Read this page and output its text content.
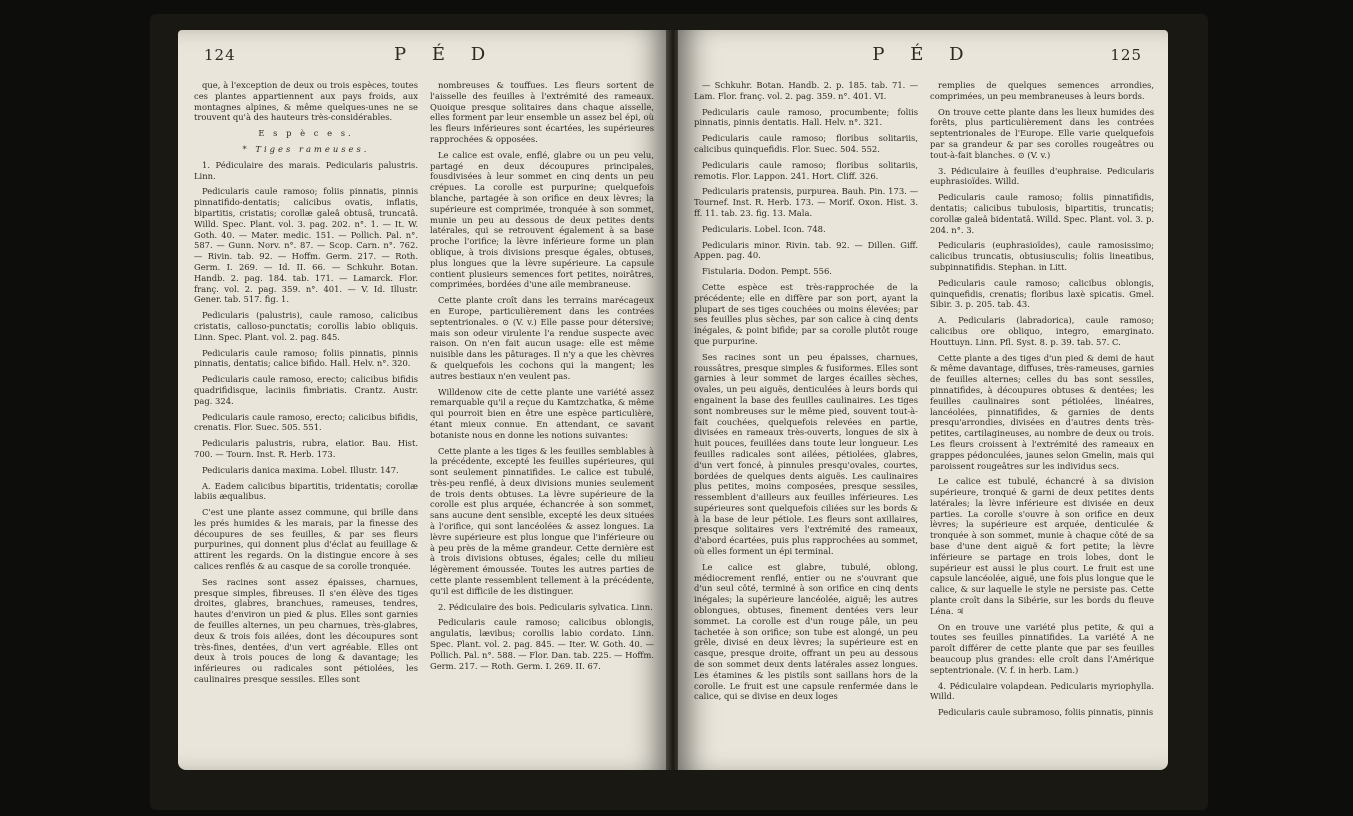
124	P É D

que, à l'exception de deux ou trois espèces, toutes ces plantes appartiennent aux pays froids, aux montagnes alpines, & même quelques-unes ne se trouvent qu'à des hauteurs très-considérables.

E s p è c e s.

* Tiges rameuses.

1. Pédiculaire des marais. Pedicularis palustris. Linn.

Pedicularis caule ramoso; foliis pinnatis, pinnis pinnatifido-dentatis; calicibus ovatis, inflatis, bipartitis, cristatis; corollæ galeâ obtusâ, truncatâ. Willd. Spec. Plant. vol. 3. pag. 202. n°. 1. — It. W. Goth. 40. — Mater. medic. 151. — Pollich. Pal. n°. 587. — Gunn. Norv. n°. 87. — Scop. Carn. n°. 762. — Rivin. tab. 92. — Hoffm. Germ. 217. — Roth. Germ. I. 269. — Id. II. 66. — Schkuhr. Botan. Handb. 2. pag. 184. tab. 171. — Lamarck. Flor. franç. vol. 2. pag. 359. n°. 401. — V. Id. Illustr. Gener. tab. 517. fig. 1.

Pedicularis (palustris), caule ramoso, calicibus cristatis, calloso-punctatis; corollis labio obliquis. Linn. Spec. Plant. vol. 2. pag. 845.

Pedicularis caule ramoso; foliis pinnatis, pinnis pinnatis, dentatis; calice bifido. Hall. Helv. n°. 320.

Pedicularis caule ramoso, erecto; calicibus bifidis quadrifidisque, laciniis fimbriatis. Crantz. Austr. pag. 324.

Pedicularis caule ramoso, erecto; calicibus bifidis, crenatis. Flor. Suec. 505. 551.

Pedicularis palustris, rubra, elatior. Bau. Hist. 700. — Tourn. Inst. R. Herb. 173.

Pedicularis danica maxima. Lobel. Illustr. 147.

A. Eadem calicibus bipartitis, tridentatis; corollæ labiis æqualibus.

C'est une plante assez commune, qui brille dans les prés humides & les marais, par la finesse des découpures de ses feuilles, & par ses fleurs purpurines, qui donnent plus d'éclat au feuillage & attirent les regards. On la distingue encore à ses calices renflés & au casque de sa corolle tronquée.

Ses racines sont assez épaisses, charnues, presque simples, fibreuses. Il s'en élève des tiges droites, glabres, branchues, rameuses, tendres, hautes d'environ un pied & plus. Elles sont garnies de feuilles alternes, un peu charnues, très-glabres, deux & trois fois ailées, dont les découpures sont très-fines, dentées, d'un vert agréable. Elles ont deux à trois pouces de long & davantage; les inférieures ou radicales sont pétiolées, les caulinaires presque sessiles. Elles sont

nombreuses & touffues. Les fleurs sortent de l'aisselle des feuilles à l'extrémité des rameaux. Quoique presque solitaires dans chaque aisselle, elles forment par leur ensemble un assez bel épi, où les fleurs inférieures sont écartées, les supérieures rapprochées & opposées.

Le calice est ovale, enflé, glabre ou un peu velu, partagé en deux découpures principales, fousdivisées à leur sommet en cinq dents un peu crépues. La corolle est purpurine; quelquefois blanche, partagée à son orifice en deux lèvres; la supérieure est comprimée, tronquée à son sommet, munie un peu au dessous de deux petites dents latérales, qui se retrouvent également à sa base proche l'orifice; la lèvre inférieure forme un plan oblique, à trois divisions presque égales, obtuses, plus longues que la lèvre supérieure. La capsule contient plusieurs semences fort petites, noirâtres, comprimées, bordées d'une aile membraneuse.

Cette plante croît dans les terrains marécageux en Europe, particulièrement dans les contrées septentrionales. ⊙ (V. v.) Elle passe pour détersive; mais son odeur virulente l'a rendue suspecte avec raison. On n'en fait aucun usage: elle est même nuisible dans les pâturages. Il n'y a que les chèvres & quelquefois les cochons qui la mangent; les autres bestiaux n'en veulent pas.

Willdenow cite de cette plante une variété assez remarquable qu'il a reçue du Kamtzchatka, & même qui pourroit bien en être une espèce particulière, étant mieux connue. En attendant, ce savant botaniste nous en donne les notions suivantes:

Cette plante a les tiges & les feuilles semblables à la précédente, excepté les feuilles supérieures, qui sont seulement pinnatifides. Le calice est tubulé, très-peu renflé, à deux divisions munies seulement de trois dents obtuses. La lèvre supérieure de la corolle est plus arquée, échancrée à son sommet, sans aucune dent sensible, excepté les deux situées à l'orifice, qui sont lancéolées & assez longues. La lèvre supérieure est plus longue que l'inférieure ou à peu près de la même grandeur. Cette dernière est à trois divisions obtuses, égales; celle du milieu légèrement émoussée. Toutes les autres parties de cette plante ressemblent tellement à la précédente, qu'il est difficile de les distinguer.

2. Pédiculaire des bois. Pedicularis sylvatica. Linn.

Pedicularis caule ramoso; calicibus oblongis, angulatis, lævibus; corollis labio cordato. Linn. Spec. Plant. vol. 2. pag. 845. — Iter. W. Goth. 40. — Pollich. Pal. n°. 588. — Flor. Dan. tab. 225. — Hoffm. Germ. 217. — Roth. Germ. I. 269. II. 67.

P É D	125

— Schkuhr. Botan. Handb. 2. p. 185. tab. 71. — Lam. Flor. franç. vol. 2. pag. 359. n°. 401. VI.

Pedicularis caule ramoso, procumbente; foliis pinnatis, pinnis dentatis. Hall. Helv. n°. 321.

Pedicularis caule ramoso; floribus solitariis, calicibus quinquefidis. Flor. Suec. 504. 552.

Pedicularis caule ramoso; floribus solitariis, remotis. Flor. Lappon. 241. Hort. Cliff. 326.

Pedicularis pratensis, purpurea. Bauh. Pin. 173. — Tournef. Inst. R. Herb. 173. — Morif. Oxon. Hist. 3. ff. 11. tab. 23. fig. 13. Mala.

Pedicularis. Lobel. Icon. 748.

Pedicularis minor. Rivin. tab. 92. — Dillen. Giff. Appen. pag. 40.

Fistularia. Dodon. Pempt. 556.

Cette espèce est très-rapprochée de la précédente; elle en diffère par son port, ayant la plupart de ses tiges couchées ou moins élevées; par ses feuilles plus sèches, par son calice à cinq dents inégales, & point bifide; par sa corolle plutôt rouge que purpurine.

Ses racines sont un peu épaisses, charnues, roussâtres, presque simples & fusiformes. Elles sont garnies à leur sommet de larges écailles sèches, ovales, un peu aiguës, denticulées à leurs bords qui engainent la base des feuilles caulinaires. Les tiges sont nombreuses sur le même pied, souvent tout-à-fait couchées, quelquefois relevées en partie, divisées en rameaux très-ouverts, longues de six à huit pouces, feuillées dans toute leur longueur. Les feuilles radicales sont ailées, pétiolées, glabres, d'un vert foncé, à pinnules presqu'ovales, courtes, bordées de quelques dents aiguës. Les caulinaires plus petites, moins composées, presque sessiles, ressemblent d'ailleurs aux feuilles inférieures. Les supérieures sont quelquefois ciliées sur les bords & à la base de leur pétiole. Les fleurs sont axillaires, presque solitaires vers l'extrémité des rameaux, d'abord écartées, puis plus rapprochées au sommet, où elles forment un épi terminal.

Le calice est glabre, tubulé, oblong, médiocrement renflé, entier ou ne s'ouvrant que d'un seul côté, terminé à son orifice en cinq dents inégales; la supérieure lancéolée, aiguë; les autres oblongues, obtuses, finement dentées vers leur sommet. La corolle est d'un rouge pâle, un peu tachetée à son orifice; son tube est alongé, un peu grêle, divisé en deux lèvres; la supérieure est en casque, presque droite, offrant un peu au dessous de son sommet deux dents latérales assez longues. Les étamines & les pistils sont saillans hors de la corolle. Le fruit est une capsule renfermée dans le calice, qui se divise en deux loges

remplies de quelques semences arrondies, comprimées, un peu membraneuses à leurs bords.

On trouve cette plante dans les lieux humides des forêts, plus particulièrement dans les contrées septentrionales de l'Europe. Elle varie quelquefois par sa grandeur & par ses corolles rougeâtres ou tout-à-fait blanches. ⊙ (V. v.)

3. Pédiculaire à feuilles d'euphraise. Pedicularis euphrasioïdes. Willd.

Pedicularis caule ramoso; foliis pinnatifidis, dentatis; calicibus tubulosis, bipartitis, truncatis; corollæ galeâ bidentatâ. Willd. Spec. Plant. vol. 3. p. 204. n°. 3.

Pedicularis (euphrasioïdes), caule ramosissimo; calicibus truncatis, obtusiusculis; foliis lineatibus, subpinnatifidis. Stephan. in Litt.

Pedicularis caule ramoso; calicibus oblongis, quinquefidis, crenatis; floribus laxè spicatis. Gmel. Sibir. 3. p. 205. tab. 43.

A. Pedicularis (labradorica), caule ramoso; calicibus ore obliquo, integro, emarginato. Houttuyn. Linn. Pfl. Syst. 8. p. 39. tab. 57. C.

Cette plante a des tiges d'un pied & demi de haut & même davantage, diffuses, très-rameuses, garnies de feuilles alternes; celles du bas sont sessiles, pinnatifides, à découpures obtuses & dentées; les feuilles caulinaires sont pétiolées, linéaires, lancéolées, pinnatifides, & garnies de dents presqu'arrondies, divisées en d'autres dents très-petites, cartilagineuses, au nombre de deux ou trois. Les fleurs croissent à l'extrémité des rameaux en grappes pédonculées, jaunes selon Gmelin, mais qui paroissent rougeâtres sur les individus secs.

Le calice est tubulé, échancré à sa division supérieure, tronqué & garni de deux petites dents latérales; la lèvre inférieure est divisée en deux parties. La corolle s'ouvre à son orifice en deux lèvres; la supérieure est arquée, denticulée & tronquée à son sommet, munie à chaque côté de sa base d'une dent aiguë & fort petite; la lèvre inférieure se partage en trois lobes, dont le supérieur est aussi le plus court. Le fruit est une capsule lancéolée, aiguë, une fois plus longue que le calice, & sur laquelle le style ne persiste pas. Cette plante croît dans la Sibérie, sur les bords du fleuve Léna. ♃

On en trouve une variété plus petite, & qui a toutes ses feuilles pinnatifides. La variété A ne paroît différer de cette plante que par ses feuilles beaucoup plus grandes: elle croît dans l'Amérique septentrionale. (V. f. in herb. Lam.)

4. Pédiculaire volapdean. Pedicularis myriophylla. Willd.

Pedicularis caule subramoso, foliis pinnatis, pinnis
